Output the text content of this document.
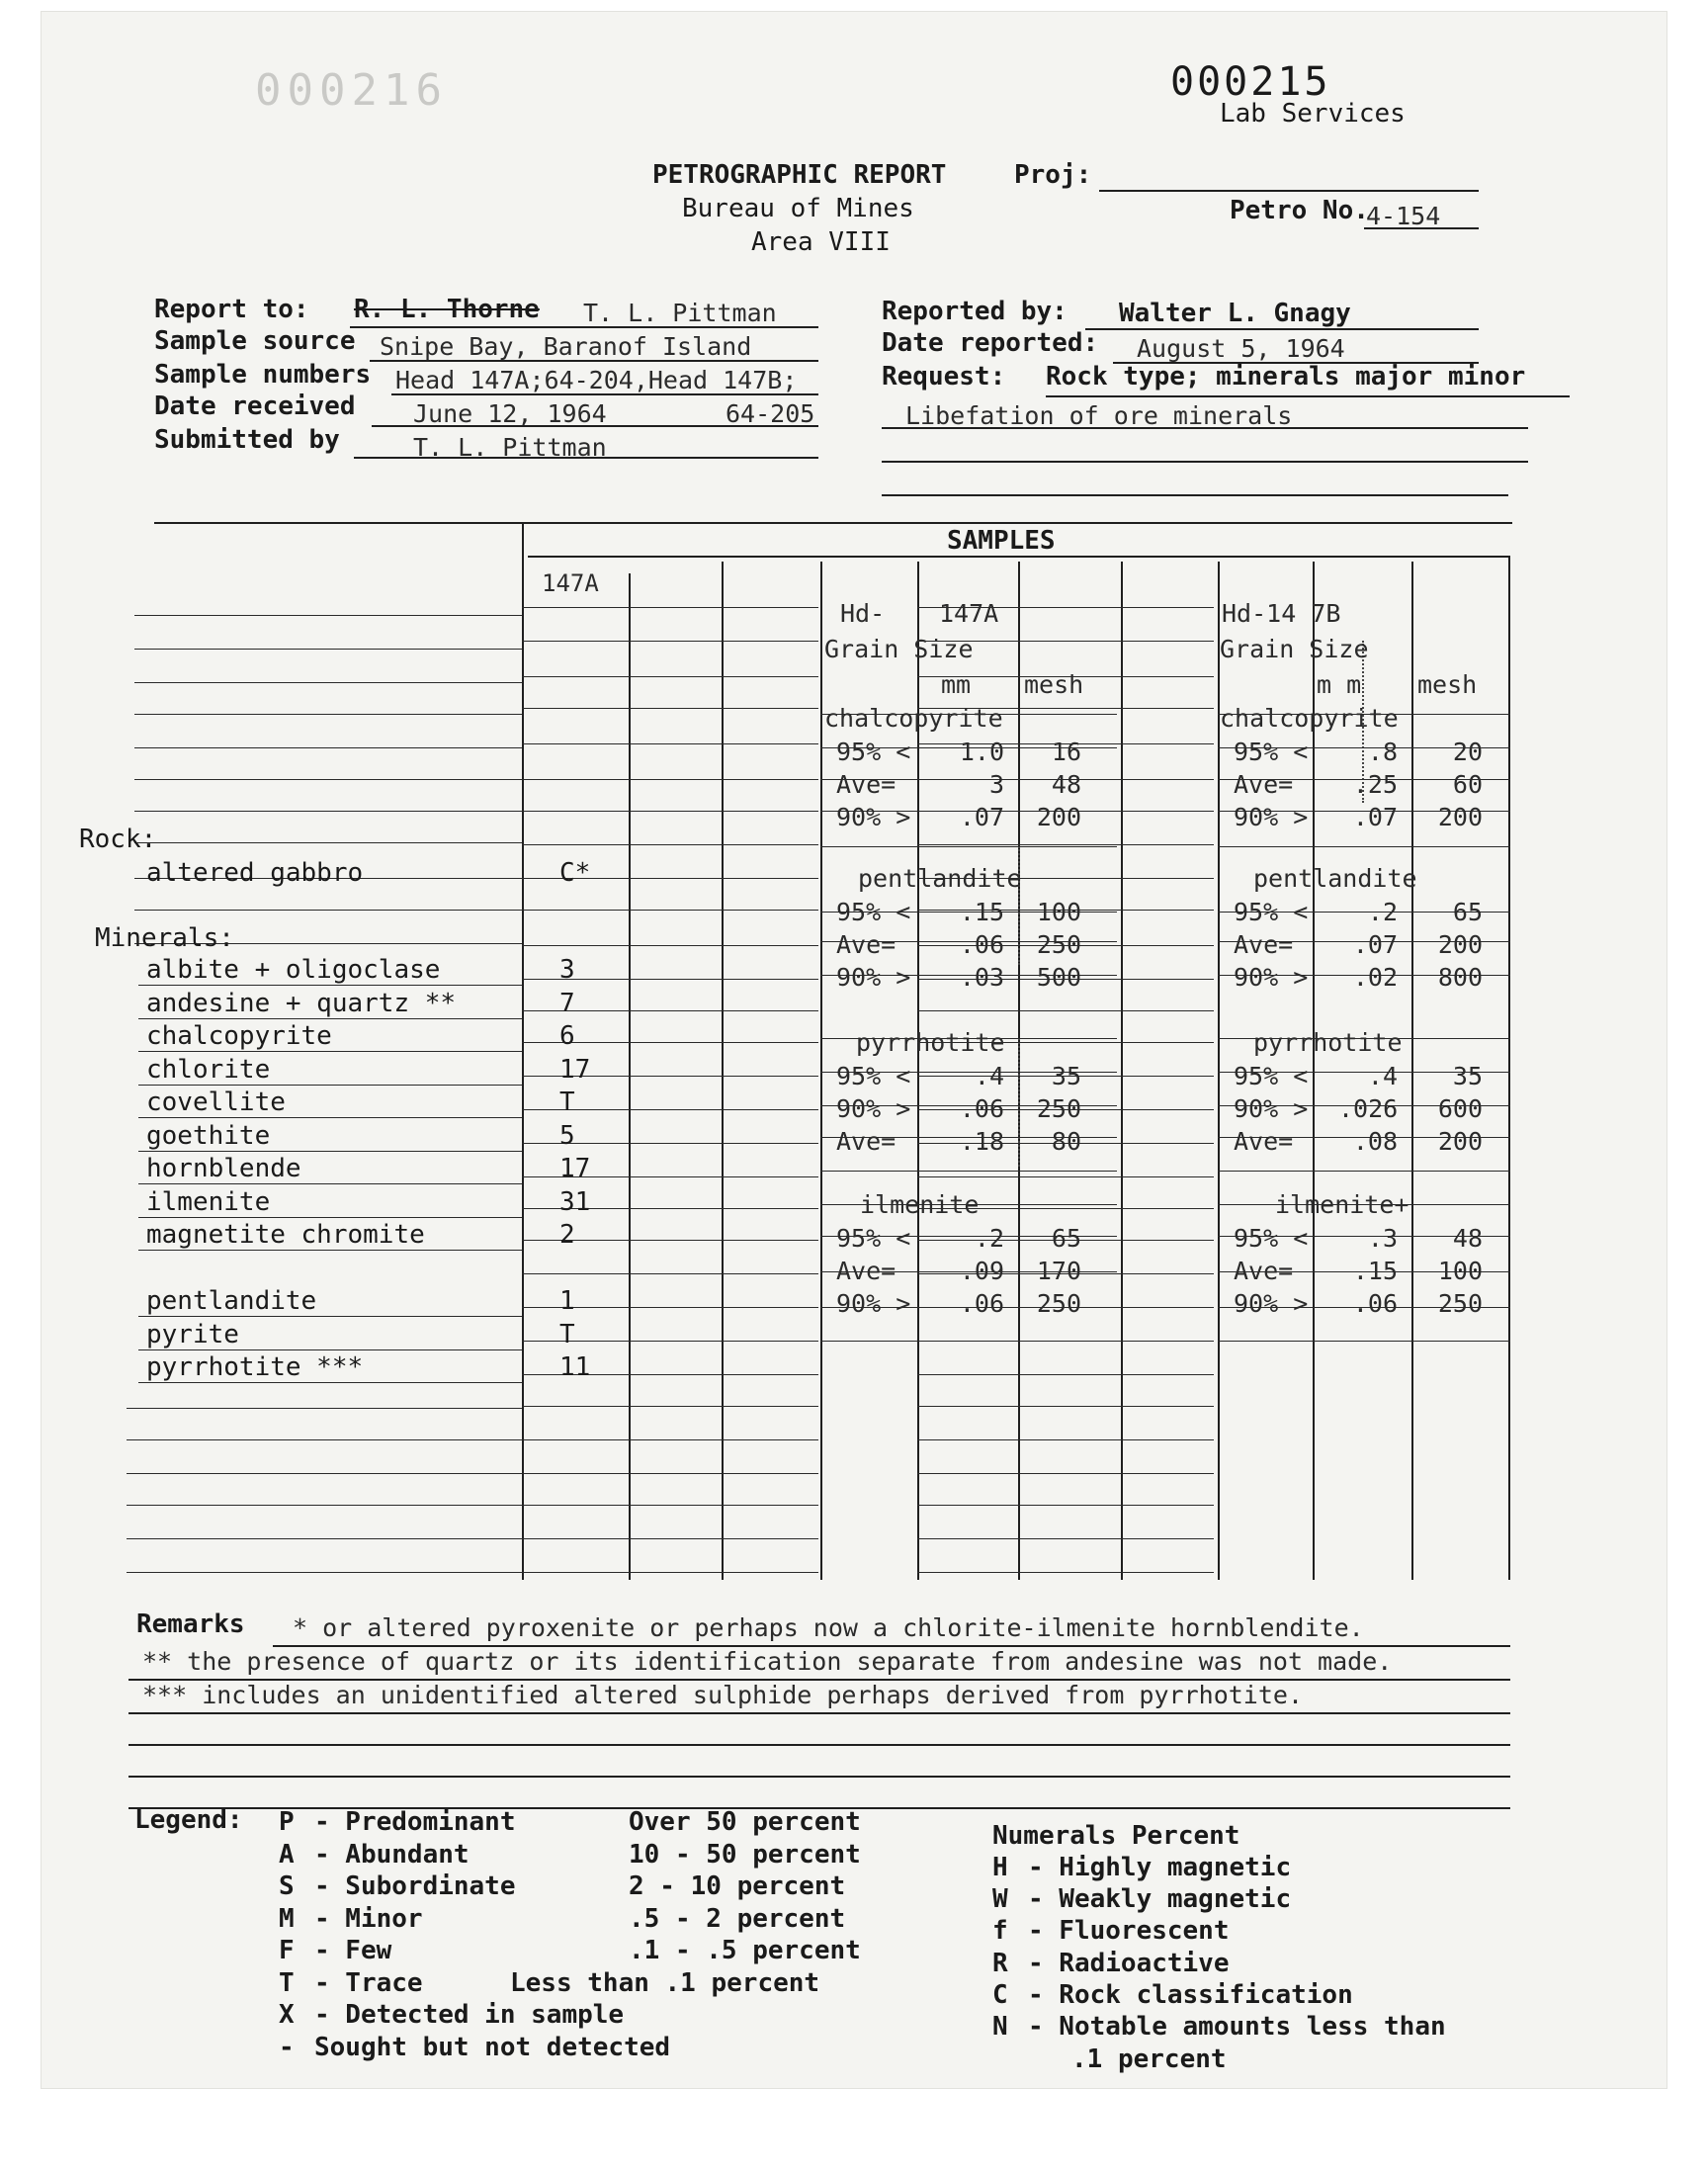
000216	000215
Lab Services
PETROGRAPHIC REPORT
Bureau of Mines
Area VIII
Proj:
Petro No.
4-154
Report to: R. L. Thorne T. L. Pittman
Sample source Snipe Bay, Baranof Island
Sample numbers Head 147A;64-204,Head 147B;
Date received June 12, 1964	64-205
Submitted by	T. L. Pittman
Reported by: Walter L. Gnagy
Date reported: August 5, 1964
Request: Rock type; minerals major minor
Libefation of ore minerals
SAMPLES
147A
Rock:
altered gabbro	C*
Minerals:
albite + oligoclase	3
andesine + quartz **	7
chalcopyrite	6
chlorite	17
covellite	T
goethite	5
hornblende	17
ilmenite	31
magnetite chromite	2
pentlandite	1
pyrite	T
pyrrhotite ***	11
Hd- 147A
Grain Size
mm mesh
Hd-14 7B
Grain Size
m m mesh
chalcopyrite
95% <	1.0	16
Ave=	3	48
90% >	.07 200
pentlandite
95% <	.15 100
Ave=	.06 250
90% >	.03 500
pyrrhotite
95% <	.4	35
90% >	.06 250
Ave=	.18	80
ilmenite
95% <	.2	65
Ave=	.09 170
90% >	.06 250
chalcopyrite
95% <	.8	20
Ave=	.25	60
90% >	.07 200
pentlandite
95% <	.2	65
Ave=	.07 200
90% >	.02 800
pyrrhotite
95% <	.4	35
90% > .026 600
Ave=	.08 200
ilmenite+
95% <	.3	48
Ave=	.15 100
90% >	.06 250
Remarks * or altered pyroxenite or perhaps now a chlorite-ilmenite hornblendite.
** the presence of quartz or its identification separate from andesine was not made.
*** includes an unidentified altered sulphide perhaps derived from pyrrhotite.
Legend: P - Predominant	Over 50 percent
A - Abundant	10 - 50 percent
S - Subordinate	2 - 10 percent
M - Minor	.5 - 2 percent
F - Few	.1 - .5 percent
T - Trace	Less than .1 percent
X - Detected in sample
- Sought but not detected
Numerals Percent
H - Highly magnetic
W - Weakly magnetic
f - Fluorescent
R - Radioactive
C - Rock classification
N - Notable amounts less than
.1 percent
